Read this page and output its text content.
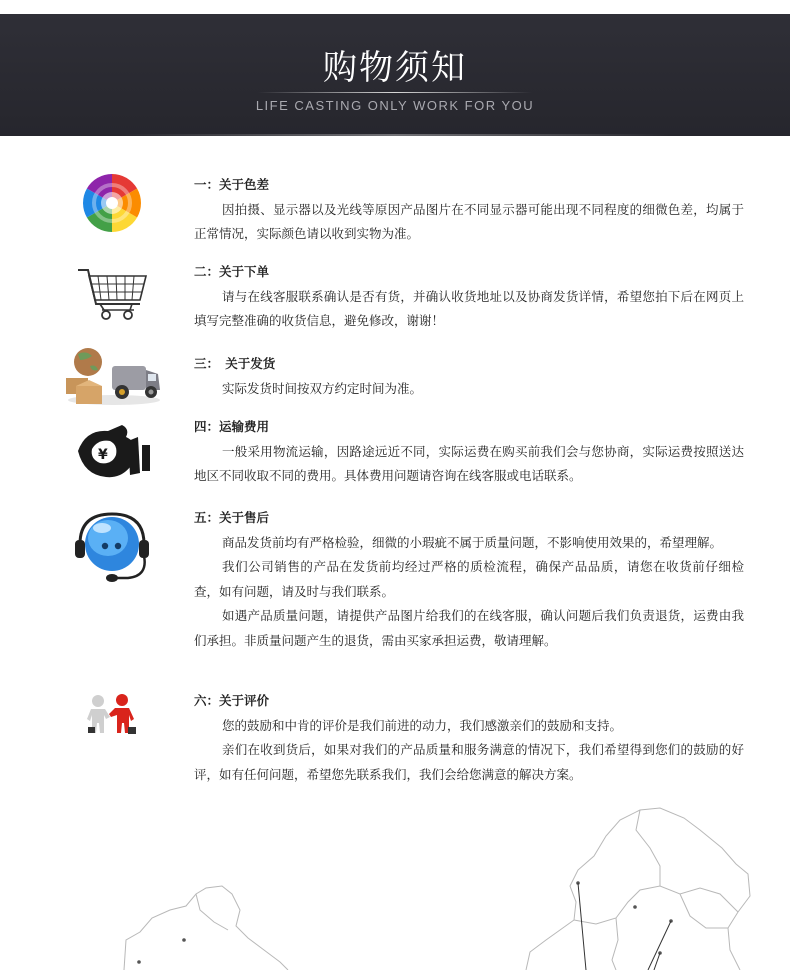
购物须知
LIFE CASTING ONLY WORK FOR YOU
¥
一：关于色差

因拍摄、显示器以及光线等原因产品图片在不同显示器可能出现不同程度的细微色差，均属于正常情况，实际颜色请以收到实物为准。

二：关于下单

请与在线客服联系确认是否有货，并确认收货地址以及协商发货详情，希望您拍下后在网页上填写完整准确的收货信息，避免修改，谢谢！

三：　关于发货

实际发货时间按双方约定时间为准。

四：运输费用

一般采用物流运输，因路途远近不同，实际运费在购买前我们会与您协商，实际运费按照送达地区不同收取不同的费用。具体费用问题请咨询在线客服或电话联系。

五：关于售后

商品发货前均有严格检验，细微的小瑕疵不属于质量问题，不影响使用效果的，希望理解。

我们公司销售的产品在发货前均经过严格的质检流程，确保产品品质，请您在收货前仔细检查，如有问题，请及时与我们联系。

如遇产品质量问题，请提供产品图片给我们的在线客服，确认问题后我们负责退货，运费由我们承担。非质量问题产生的退货，需由买家承担运费，敬请理解。

六：关于评价

您的鼓励和中肯的评价是我们前进的动力，我们感激亲们的鼓励和支持。

亲们在收到货后，如果对我们的产品质量和服务满意的情况下，我们希望得到您们的鼓励的好评，如有任何问题，希望您先联系我们，我们会给您满意的解决方案。
